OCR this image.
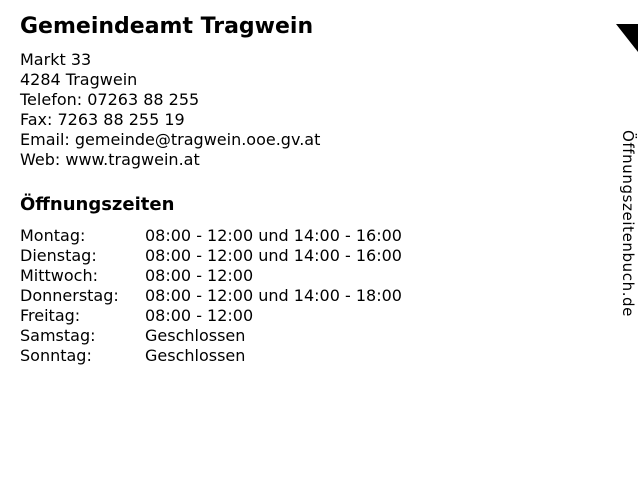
Gemeindeamt Tragwein
Markt 33
4284 Tragwein
Telefon: 07263 88 255
Fax: 7263 88 255 19
Email: gemeinde@tragwein.ooe.gv.at
Web: www.tragwein.at
Öffnungszeiten
Montag:	08:00 - 12:00 und 14:00 - 16:00
Dienstag:	08:00 - 12:00 und 14:00 - 16:00
Mittwoch:	08:00 - 12:00
Donnerstag:	08:00 - 12:00 und 14:00 - 18:00
Freitag:	08:00 - 12:00
Samstag:	Geschlossen
Sonntag:	Geschlossen
Öffnungszeitenbuch.de
